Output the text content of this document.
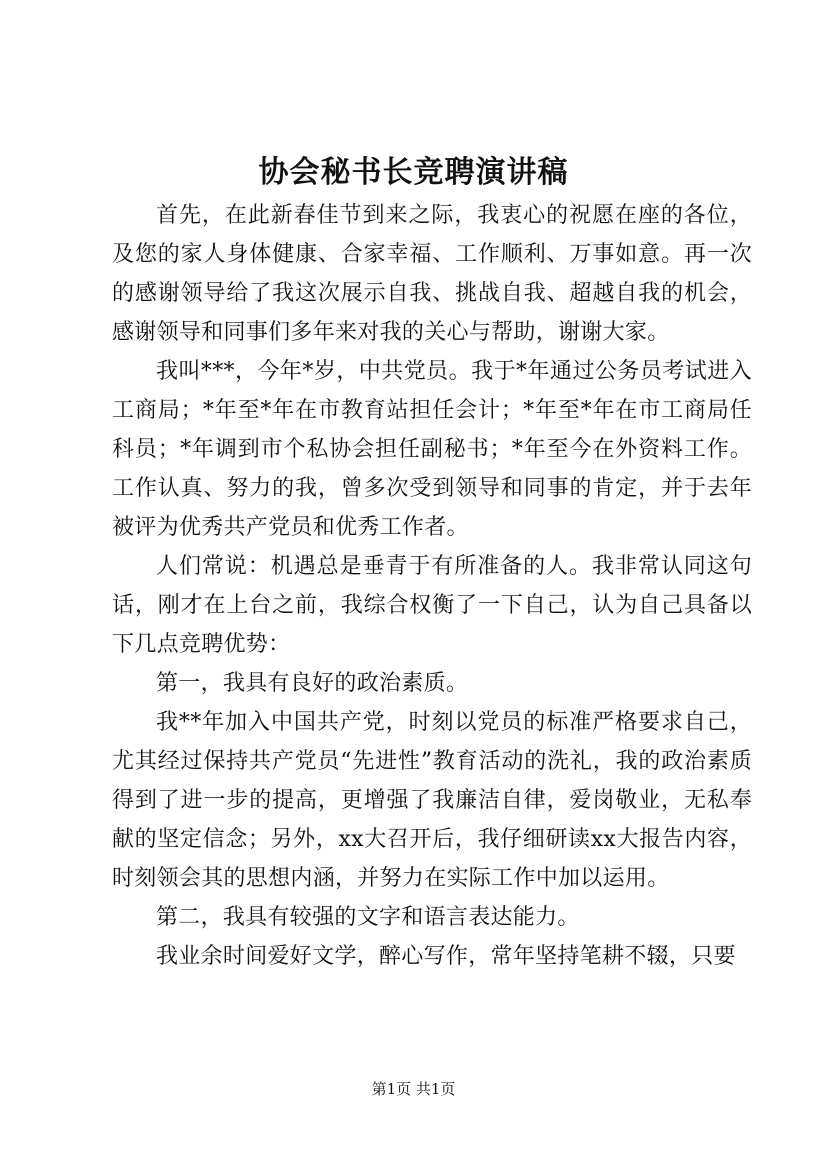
协会秘书长竞聘演讲稿

首先，在此新春佳节到来之际，我衷心的祝愿在座的各位，及您的家人身体健康、合家幸福、工作顺利、万事如意。再一次的感谢领导给了我这次展示自我、挑战自我、超越自我的机会，感谢领导和同事们多年来对我的关心与帮助，谢谢大家。

我叫***，今年*岁，中共党员。我于*年通过公务员考试进入工商局；*年至*年在市教育站担任会计；*年至*年在市工商局任科员；*年调到市个私协会担任副秘书；*年至今在外资料工作。工作认真、努力的我，曾多次受到领导和同事的肯定，并于去年被评为优秀共产党员和优秀工作者。

人们常说：机遇总是垂青于有所准备的人。我非常认同这句话，刚才在上台之前，我综合权衡了一下自己，认为自己具备以下几点竞聘优势：

第一，我具有良好的政治素质。

我**年加入中国共产党，时刻以党员的标准严格要求自己，尤其经过保持共产党员“先进性”教育活动的洗礼，我的政治素质得到了进一步的提高，更增强了我廉洁自律，爱岗敬业，无私奉献的坚定信念；另外，xx大召开后，我仔细研读xx大报告内容，时刻领会其的思想内涵，并努力在实际工作中加以运用。

第二，我具有较强的文字和语言表达能力。

我业余时间爱好文学，醉心写作，常年坚持笔耕不辍，只要

第1页 共1页
